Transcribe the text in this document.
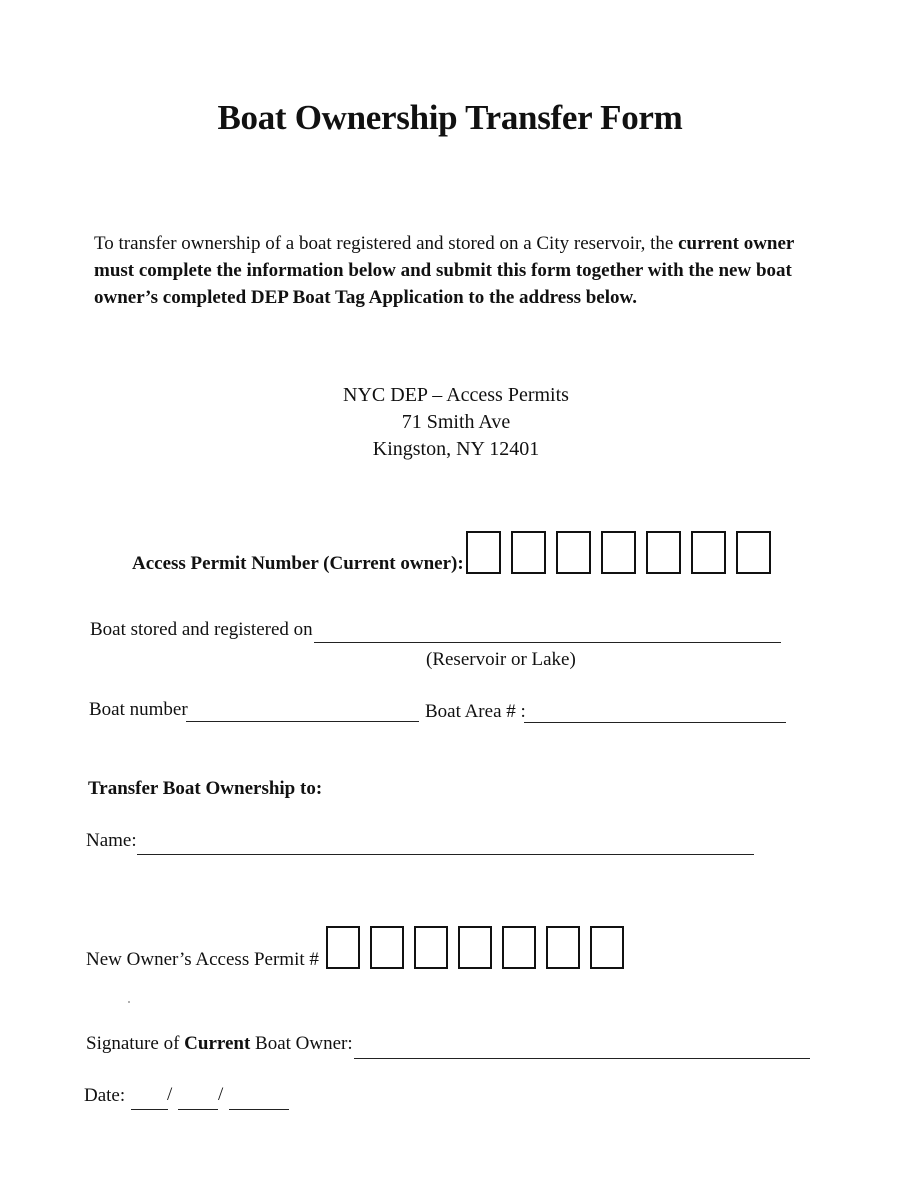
Boat Ownership Transfer Form
To transfer ownership of a boat registered and stored on a City reservoir, the current owner must complete the information below and submit this form together with the new boat owner’s completed DEP Boat Tag Application to the address below.
NYC DEP – Access Permits
71 Smith Ave
Kingston, NY 12401
Access Permit Number (Current owner):
Boat stored and registered on
(Reservoir or Lake)
Boat number	Boat Area # :
Transfer Boat Ownership to:
Name:
New Owner’s Access Permit #
Signature of Current Boat Owner:
Date: / /
